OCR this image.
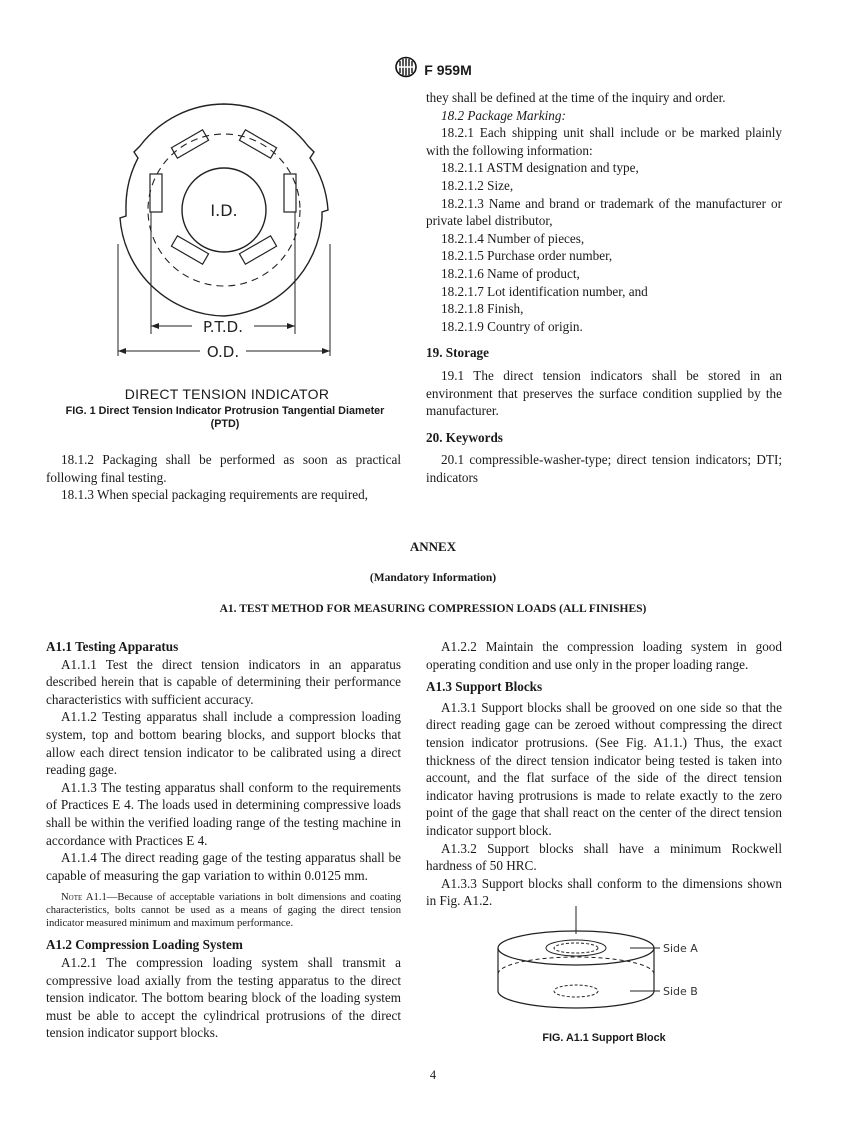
F 959M
I.D.
P.T.D.
O.D.
DIRECT TENSION INDICATOR
FIG. 1 Direct Tension Indicator Protrusion Tangential Diameter (PTD)

18.1.2 Packaging shall be performed as soon as practical following final testing.

18.1.3 When special packaging requirements are required,

they shall be defined at the time of the inquiry and order.

18.2 Package Marking:

18.2.1 Each shipping unit shall include or be marked plainly with the following information:

18.2.1.1 ASTM designation and type,

18.2.1.2 Size,

18.2.1.3 Name and brand or trademark of the manufacturer or private label distributor,

18.2.1.4 Number of pieces,

18.2.1.5 Purchase order number,

18.2.1.6 Name of product,

18.2.1.7 Lot identification number, and

18.2.1.8 Finish,

18.2.1.9 Country of origin.

19. Storage

19.1 The direct tension indicators shall be stored in an environment that preserves the surface condition supplied by the manufacturer.

20. Keywords

20.1 compressible-washer-type; direct tension indicators; DTI; indicators

ANNEX
(Mandatory Information)
A1. TEST METHOD FOR MEASURING COMPRESSION LOADS (ALL FINISHES)

A1.1 Testing Apparatus

A1.1.1 Test the direct tension indicators in an apparatus described herein that is capable of determining their performance characteristics with sufficient accuracy.

A1.1.2 Testing apparatus shall include a compression loading system, top and bottom bearing blocks, and support blocks that allow each direct tension indicator to be calibrated using a direct reading gage.

A1.1.3 The testing apparatus shall conform to the requirements of Practices E 4. The loads used in determining compressive loads shall be within the verified loading range of the testing machine in accordance with Practices E 4.

A1.1.4 The direct reading gage of the testing apparatus shall be capable of measuring the gap variation to within 0.0125 mm.

Note A1.1—Because of acceptable variations in bolt dimensions and coating characteristics, bolts cannot be used as a means of gaging the direct tension indicator measured minimum and maximum performance.

A1.2 Compression Loading System

A1.2.1 The compression loading system shall transmit a compressive load axially from the testing apparatus to the direct tension indicator. The bottom bearing block of the loading system must be able to accept the cylindrical protrusions of the direct tension indicator support blocks.

A1.2.2 Maintain the compression loading system in good operating condition and use only in the proper loading range.

A1.3 Support Blocks

A1.3.1 Support blocks shall be grooved on one side so that the direct reading gage can be zeroed without compressing the direct tension indicator protrusions. (See Fig. A1.1.) Thus, the exact thickness of the direct tension indicator being tested is taken into account, and the flat surface of the side of the direct tension indicator having protrusions is made to relate exactly to the zero point of the gage that shall react on the center of the direct tension indicator support block.

A1.3.2 Support blocks shall have a minimum Rockwell hardness of 50 HRC.

A1.3.3 Support blocks shall conform to the dimensions shown in Fig. A1.2.

Side A
Side B
FIG. A1.1 Support Block
4
